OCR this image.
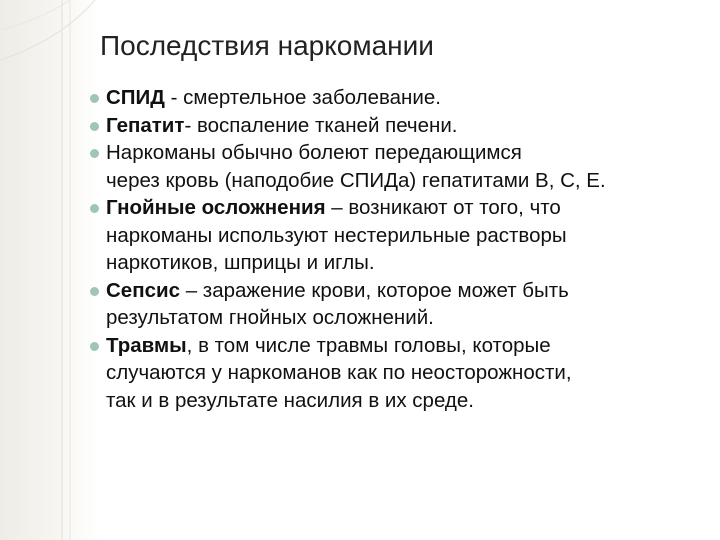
Последствия наркомании
СПИД - смертельное заболевание.
Гепатит- воспаление тканей печени.
Наркоманы обычно болеют передающимся
через кровь (наподобие СПИДа) гепатитами В, С, Е.
Гнойные осложнения – возникают от того, что
наркоманы используют нестерильные растворы
наркотиков, шприцы и иглы.
Сепсис – заражение крови, которое может быть
результатом гнойных осложнений.
Травмы, в том числе травмы головы, которые
случаются у наркоманов как по неосторожности,
так и в результате насилия в их среде.
